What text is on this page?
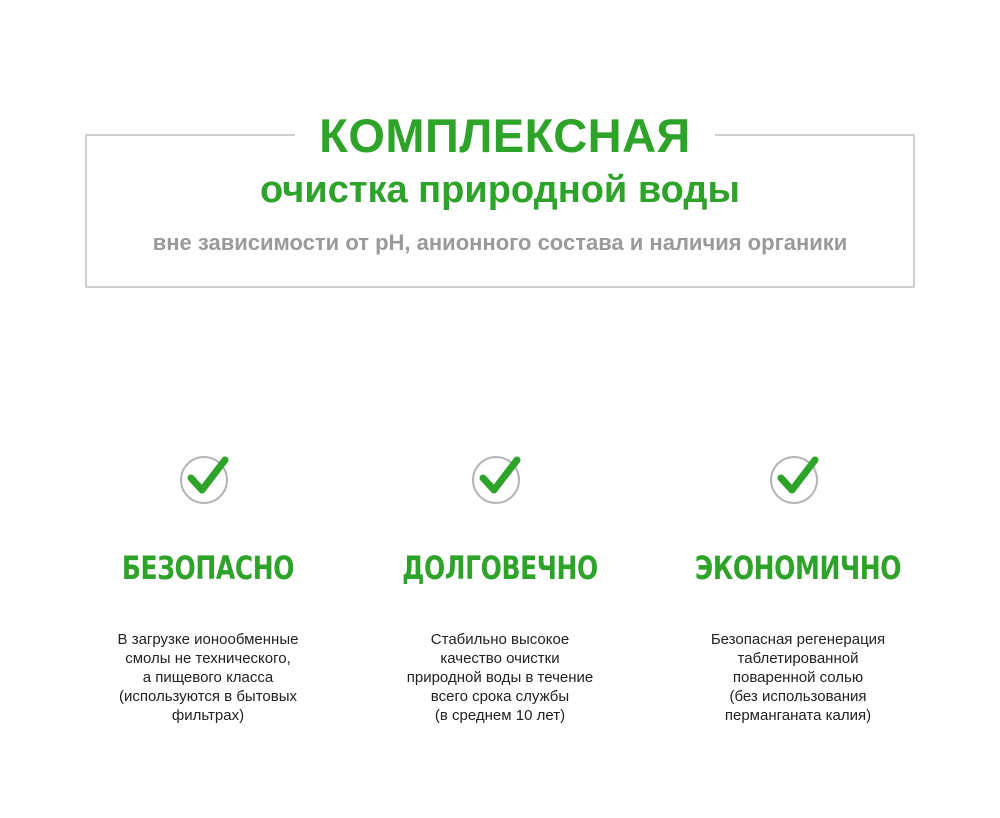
КОМПЛЕКСНАЯ
очистка природной воды
вне зависимости от pH, анионного состава и наличия органики
БЕЗОПАСНО
В загрузке ионообменные
смолы не технического,
а пищевого класса
(используются в бытовых
фильтрах)
ДОЛГОВЕЧНО
Стабильно высокое
качество очистки
природной воды в течение
всего срока службы
(в среднем 10 лет)
ЭКОНОМИЧНО
Безопасная регенерация
таблетированной
поваренной солью
(без использования
перманганата калия)
